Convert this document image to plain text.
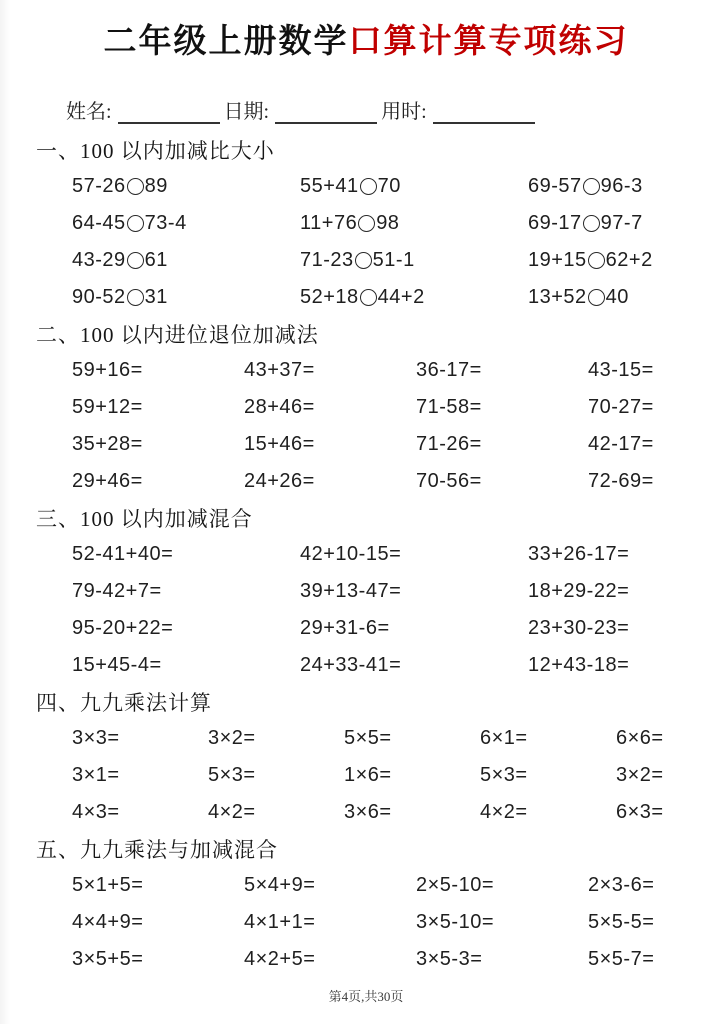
二年级上册数学口算计算专项练习
姓名:	日期:	用时:
一、100 以内加减比大小
57-26 89	55+41 70	69-57 96-3
64-45 73-4	11+76 98	69-17 97-7
43-29 61	71-23 51-1	19+15 62+2
90-52 31	52+18 44+2	13+52 40
二、100 以内进位退位加减法
59+16=	43+37=	36-17=	43-15=
59+12=	28+46=	71-58=	70-27=
35+28=	15+46=	71-26=	42-17=
29+46=	24+26=	70-56=	72-69=
三、100 以内加减混合
52-41+40=	42+10-15=	33+26-17=
79-42+7=	39+13-47=	18+29-22=
95-20+22=	29+31-6=	23+30-23=
15+45-4=	24+33-41=	12+43-18=
四、九九乘法计算
3×3=	3×2=	5×5=	6×1=	6×6=
3×1=	5×3=	1×6=	5×3=	3×2=
4×3=	4×2=	3×6=	4×2=	6×3=
五、九九乘法与加减混合
5×1+5=	5×4+9=	2×5-10=	2×3-6=
4×4+9=	4×1+1=	3×5-10=	5×5-5=
3×5+5=	4×2+5=	3×5-3=	5×5-7=
第4页,共30页
